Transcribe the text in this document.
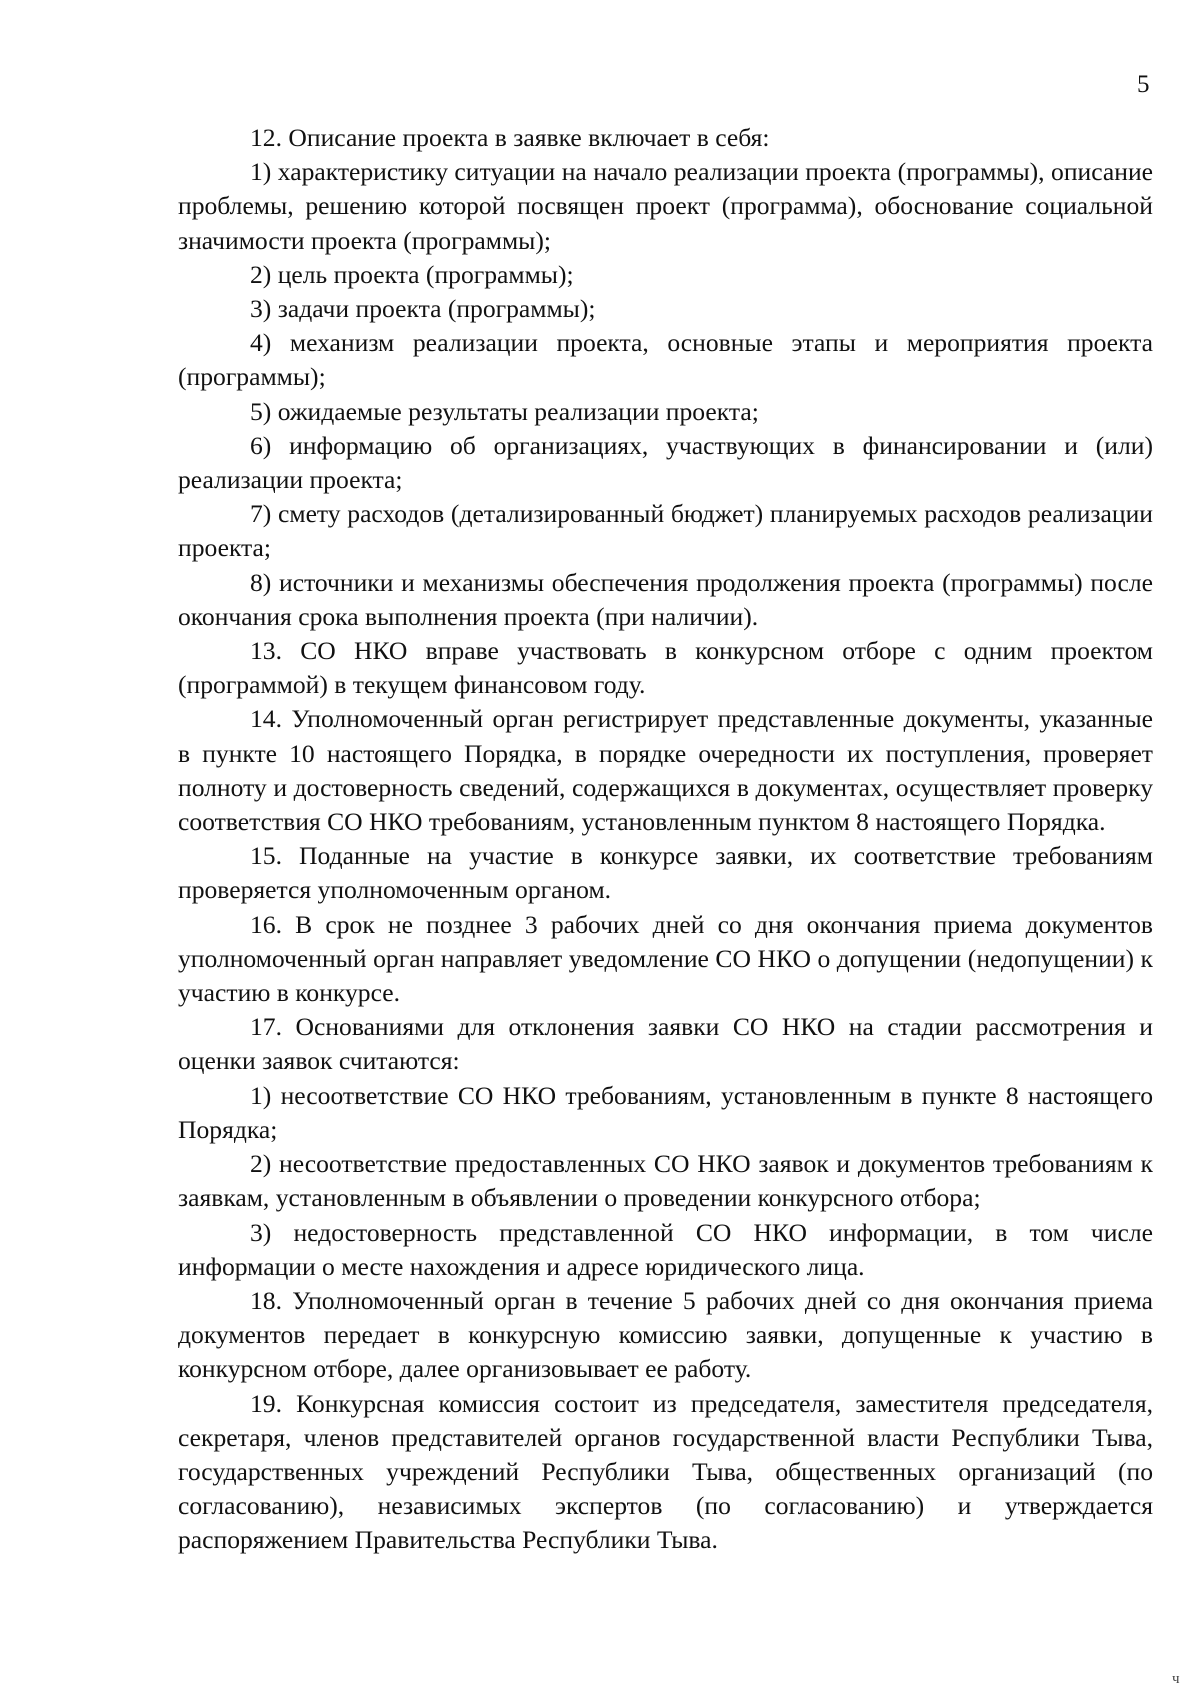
5

12. Описание проекта в заявке включает в себя:

1) характеристику ситуации на начало реализации проекта (программы), описание проблемы, решению которой посвящен проект (программа), обоснование социальной значимости проекта (программы);

2) цель проекта (программы);

3) задачи проекта (программы);

4) механизм реализации проекта, основные этапы и мероприятия проекта (программы);

5) ожидаемые результаты реализации проекта;

6) информацию об организациях, участвующих в финансировании и (или) реализации проекта;

7) смету расходов (детализированный бюджет) планируемых расходов реализации проекта;

8) источники и механизмы обеспечения продолжения проекта (программы) после окончания срока выполнения проекта (при наличии).

13. СО НКО вправе участвовать в конкурсном отборе с одним проектом (программой) в текущем финансовом году.

14. Уполномоченный орган регистрирует представленные документы, указанные в пункте 10 настоящего Порядка, в порядке очередности их поступления, проверяет полноту и достоверность сведений, содержащихся в документах, осуществляет проверку соответствия СО НКО требованиям, установленным пунктом 8 настоящего Порядка.

15. Поданные на участие в конкурсе заявки, их соответствие требованиям проверяется уполномоченным органом.

16. В срок не позднее 3 рабочих дней со дня окончания приема документов уполномоченный орган направляет уведомление СО НКО о допущении (недопущении) к участию в конкурсе.

17. Основаниями для отклонения заявки СО НКО на стадии рассмотрения и оценки заявок считаются:

1) несоответствие СО НКО требованиям, установленным в пункте 8 настоящего Порядка;

2) несоответствие предоставленных СО НКО заявок и документов требованиям к заявкам, установленным в объявлении о проведении конкурсного отбора;

3) недостоверность представленной СО НКО информации, в том числе информации о месте нахождения и адресе юридического лица.

18. Уполномоченный орган в течение 5 рабочих дней со дня окончания приема документов передает в конкурсную комиссию заявки, допущенные к участию в конкурсном отборе, далее организовывает ее работу.

19. Конкурсная комиссия состоит из председателя, заместителя председателя, секретаря, членов представителей органов государственной власти Республики Тыва, государственных учреждений Республики Тыва, общественных организаций (по согласованию), независимых экспертов (по согласованию) и утверждается распоряжением Правительства Республики Тыва.

ч
